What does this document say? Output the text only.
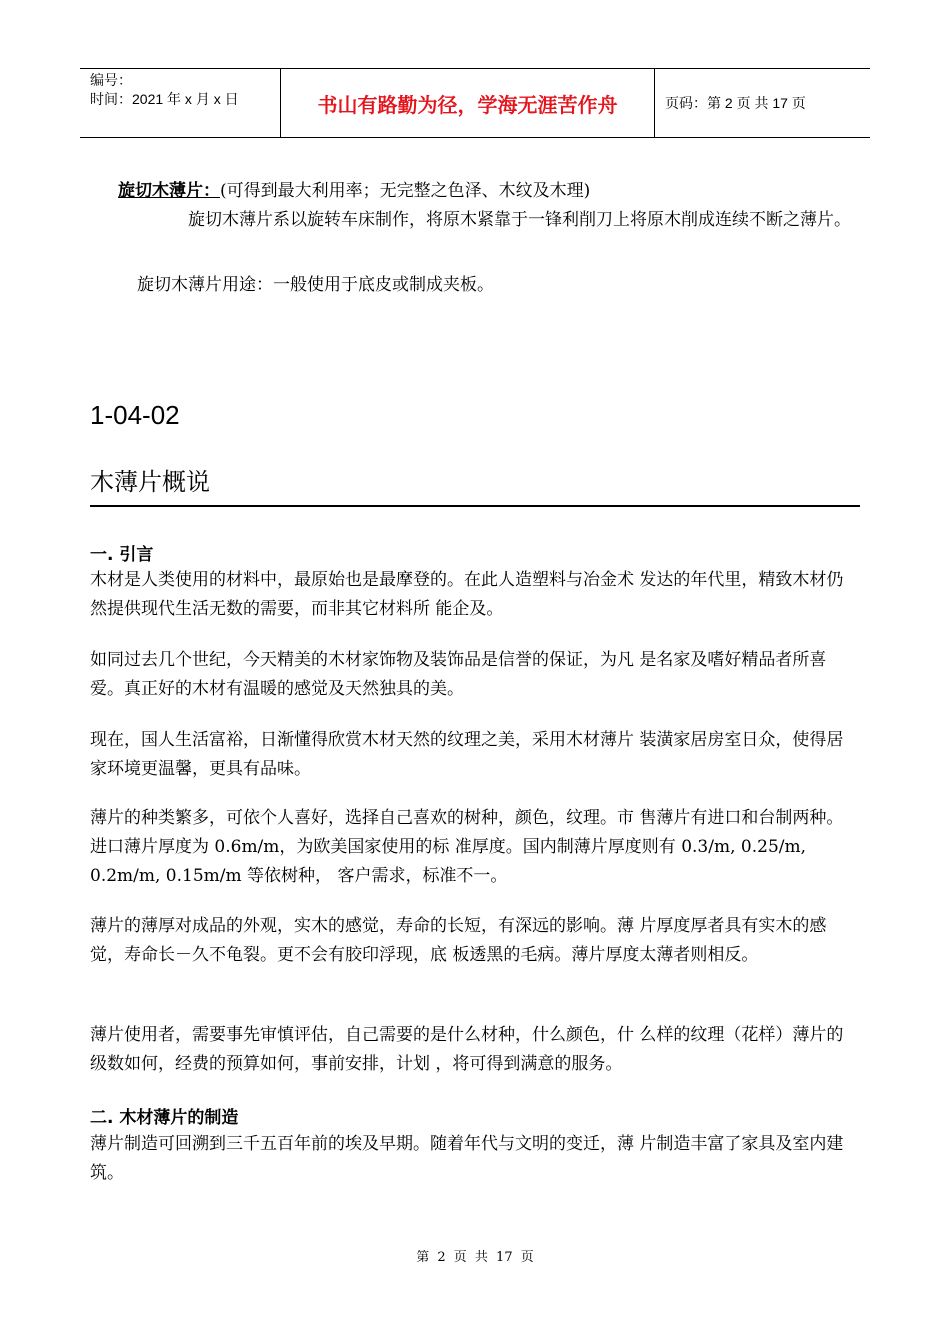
编号：
时间：2021 年 x 月 x 日	书山有路勤为径，学海无涯苦作舟	页码：第 2 页 共 17 页
旋切木薄片：(可得到最大利用率；无完整之色泽、木纹及木理)
旋切木薄片系以旋转车床制作，将原木紧靠于一锋利削刀上将原木削成连续不断之薄片。
旋切木薄片用途：一般使用于底皮或制成夹板。
1-04-02
木薄片概说
一. 引言
木材是人类使用的材料中，最原始也是最摩登的。在此人造塑料与冶金术 发达的年代里，精致木材仍然提供现代生活无数的需要，而非其它材料所 能企及。
如同过去几个世纪，今天精美的木材家饰物及装饰品是信誉的保证，为凡 是名家及嗜好精品者所喜爱。真正好的木材有温暖的感觉及天然独具的美。
现在，国人生活富裕，日渐懂得欣赏木材天然的纹理之美，采用木材薄片 装潢家居房室日众，使得居家环境更温馨，更具有品味。
薄片的种类繁多，可依个人喜好，选择自己喜欢的树种，颜色，纹理。市 售薄片有进口和台制两种。进口薄片厚度为 0.6m/m，为欧美国家使用的标 准厚度。国内制薄片厚度则有 0.3/m, 0.25/m, 0.2m/m, 0.15m/m 等依树种， 客户需求，标准不一。
薄片的薄厚对成品的外观，实木的感觉，寿命的长短，有深远的影响。薄 片厚度厚者具有实木的感觉，寿命长－久不龟裂。更不会有胶印浮现，底 板透黑的毛病。薄片厚度太薄者则相反。
薄片使用者，需要事先审慎评估，自己需要的是什么材种，什么颜色，什 么样的纹理（花样）薄片的级数如何，经费的预算如何，事前安排，计划 ，将可得到满意的服务。
二. 木材薄片的制造
薄片制造可回溯到三千五百年前的埃及早期。随着年代与文明的变迁，薄 片制造丰富了家具及室内建筑。
第 2 页 共 17 页
